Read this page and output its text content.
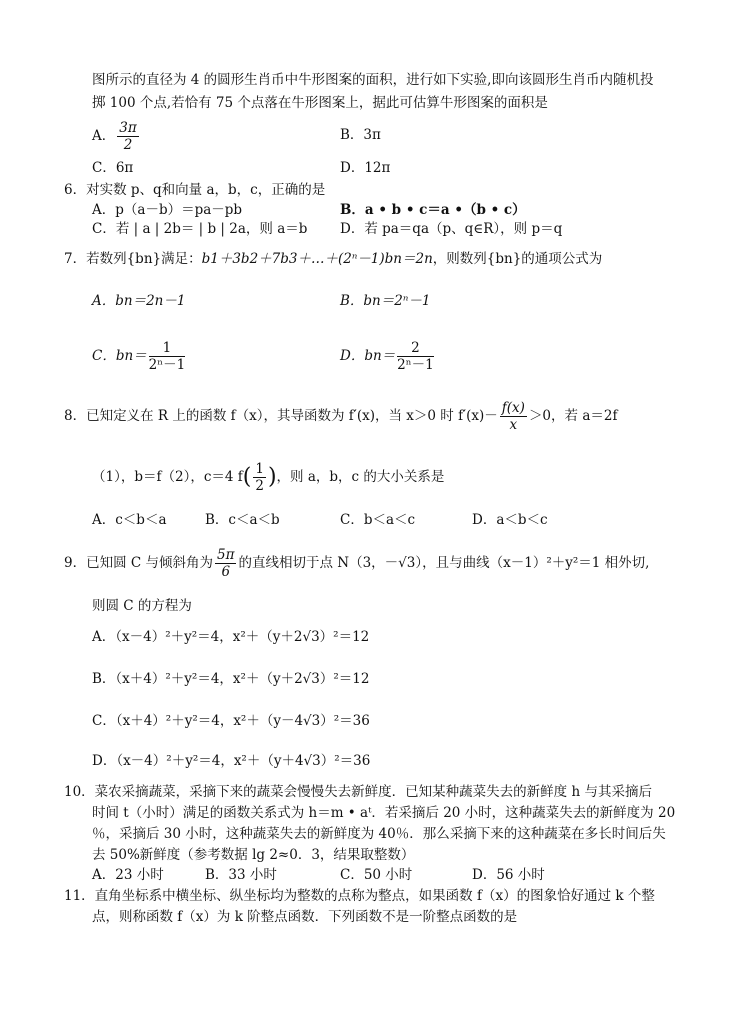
图所示的直径为 4 的圆形生肖币中牛形图案的面积，进行如下实验,即向该圆形生肖币内随机投
掷 100 个点,若恰有 75 个点落在牛形图案上，据此可估算牛形图案的面积是
A． $\frac{3\pi}{2}$	B．3π
C．6π	D．12π
6．对实数 p、q和向量 a，b，c，正确的是
A．p（a－b）＝pa－pb	B．a • b • c＝a •（b • c）
C．若 | a | 2b＝ | b | 2a，则 a＝b D．若 pa＝qa（p、q∈R），则 p＝q
7．若数列{bn}满足：b1＋3b2＋7b3＋…＋(2ⁿ－1)bn＝2n，则数列{bn}的通项公式为
A．bn＝2n－1	B．bn＝2ⁿ－1
C．$bn= \frac{1}{\text{2ⁿ－1}}$	D．$bn= \frac{2}{\text{2ⁿ－1}}$
8．已知定义在 R 上的函数 f（x），其导函数为 f′(x)，当 x＞0 时 $f'(x)- \frac{f(x)}{x} >0$，若 a＝2f
（1），b＝f（2），c＝4 $f( \frac{1}{2}$ )，则 a，b，c 的大小关系是
A．c＜b＜a	B．c＜a＜b	C．b＜a＜c	D．a＜b＜c
9．已知圆 C 与倾斜角为 $\frac{5\pi}{6}$ 的直线相切于点 N（3，－√3），且与曲线（x－1）²＋y²＝1 相外切,
则圆 C 的方程为
A．（x－4）²＋y²＝4，x²＋（y＋2√3）²＝12
B．（x＋4）²＋y²＝4，x²＋（y＋2√3）²＝12
C．（x＋4）²＋y²＝4，x²＋（y－4√3）²＝36
D．（x－4）²＋y²＝4，x²＋（y＋4√3）²＝36
10．菜农采摘蔬菜，采摘下来的蔬菜会慢慢失去新鲜度．已知某种蔬菜失去的新鲜度 h 与其采摘后
时间 t（小时）满足的函数关系式为 h＝m • aᵗ．若采摘后 20 小时，这种蔬菜失去的新鲜度为 20
％，采摘后 30 小时，这种蔬菜失去的新鲜度为 40％．那么采摘下来的这种蔬菜在多长时间后失
去 50%新鲜度（参考数据 lg 2≈0．3，结果取整数）
A．23 小时	B．33 小时	C．50 小时	D．56 小时
11．直角坐标系中横坐标、纵坐标均为整数的点称为整点，如果函数 f（x）的图象恰好通过 k 个整
点，则称函数 f（x）为 k 阶整点函数．下列函数不是一阶整点函数的是
